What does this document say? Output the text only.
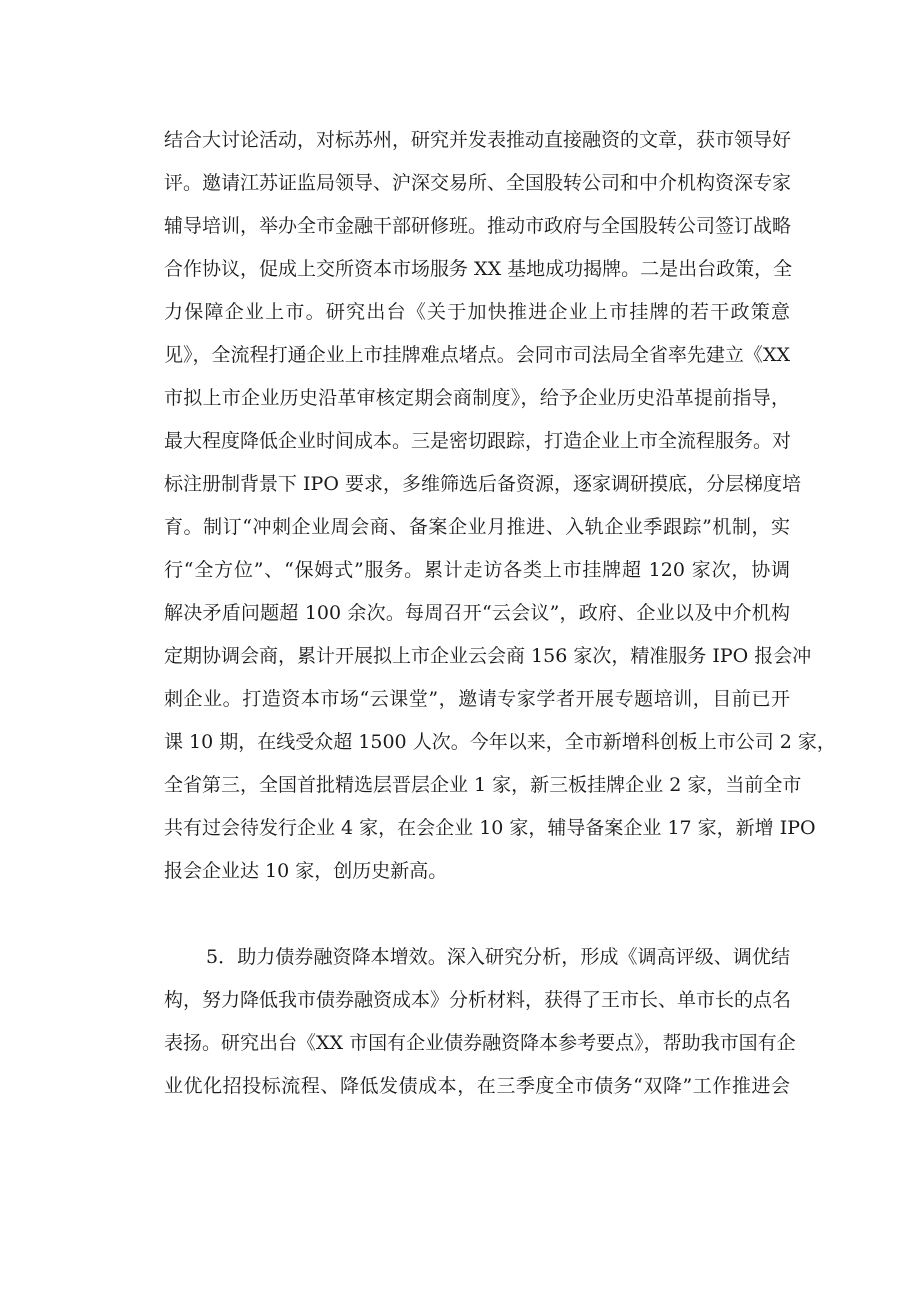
结合大讨论活动，对标苏州，研究并发表推动直接融资的文章，获市领导好
评。邀请江苏证监局领导、沪深交易所、全国股转公司和中介机构资深专家
辅导培训，举办全市金融干部研修班。推动市政府与全国股转公司签订战略
合作协议，促成上交所资本市场服务 XX 基地成功揭牌。二是出台政策，全
力保障企业上市。研究出台《关于加快推进企业上市挂牌的若干政策意
见》，全流程打通企业上市挂牌难点堵点。会同市司法局全省率先建立《XX
市拟上市企业历史沿革审核定期会商制度》，给予企业历史沿革提前指导，
最大程度降低企业时间成本。三是密切跟踪，打造企业上市全流程服务。对
标注册制背景下 IPO 要求，多维筛选后备资源，逐家调研摸底，分层梯度培
育。制订“冲刺企业周会商、备案企业月推进、入轨企业季跟踪”机制，实
行“全方位”、“保姆式”服务。累计走访各类上市挂牌超 120 家次，协调
解决矛盾问题超 100 余次。每周召开“云会议”，政府、企业以及中介机构
定期协调会商，累计开展拟上市企业云会商 156 家次，精准服务 IPO 报会冲
刺企业。打造资本市场“云课堂”，邀请专家学者开展专题培训，目前已开
课 10 期，在线受众超 1500 人次。今年以来，全市新增科创板上市公司 2 家，
全省第三，全国首批精选层晋层企业 1 家，新三板挂牌企业 2 家，当前全市
共有过会待发行企业 4 家，在会企业 10 家，辅导备案企业 17 家，新增 IPO
报会企业达 10 家，创历史新高。
5．助力债券融资降本增效。深入研究分析，形成《调高评级、调优结
构，努力降低我市债券融资成本》分析材料，获得了王市长、单市长的点名
表扬。研究出台《XX 市国有企业债券融资降本参考要点》，帮助我市国有企
业优化招投标流程、降低发债成本，在三季度全市债务“双降”工作推进会
